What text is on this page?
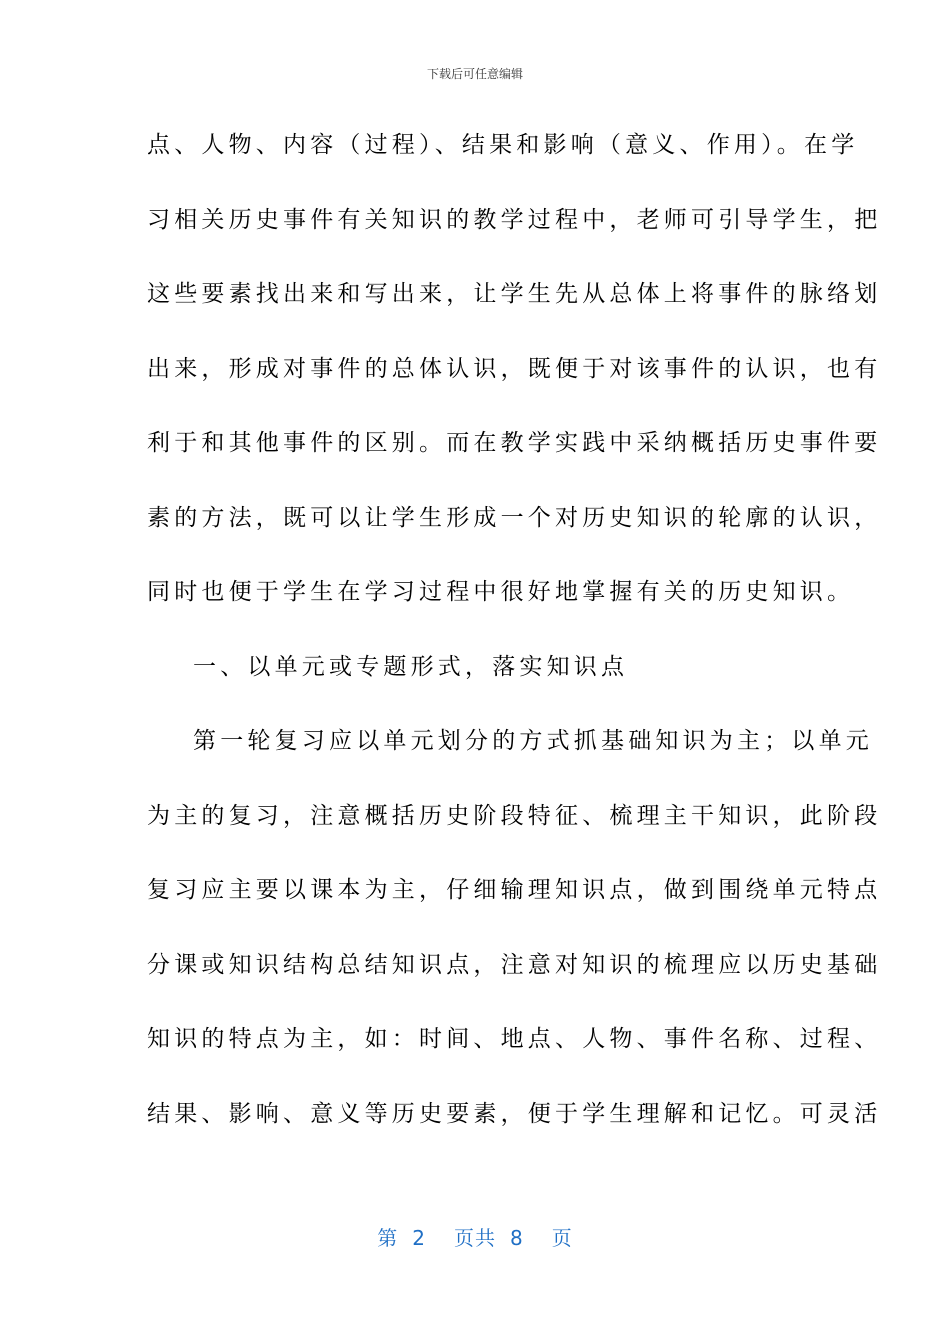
下载后可任意编辑
点、人物、内容（过程）、结果和影响（意义、作用）。在学
习相关历史事件有关知识的教学过程中，老师可引导学生，把
这些要素找出来和写出来，让学生先从总体上将事件的脉络划
出来，形成对事件的总体认识，既便于对该事件的认识，也有
利于和其他事件的区别。而在教学实践中采纳概括历史事件要
素的方法，既可以让学生形成一个对历史知识的轮廓的认识，
同时也便于学生在学习过程中很好地掌握有关的历史知识。
一、以单元或专题形式，落实知识点
第一轮复习应以单元划分的方式抓基础知识为主；以单元
为主的复习，注意概括历史阶段特征、梳理主干知识，此阶段
复习应主要以课本为主，仔细输理知识点，做到围绕单元特点
分课或知识结构总结知识点，注意对知识的梳理应以历史基础
知识的特点为主，如：时间、地点、人物、事件名称、过程、
结果、影响、意义等历史要素，便于学生理解和记忆。可灵活
第 2 页共 8 页
